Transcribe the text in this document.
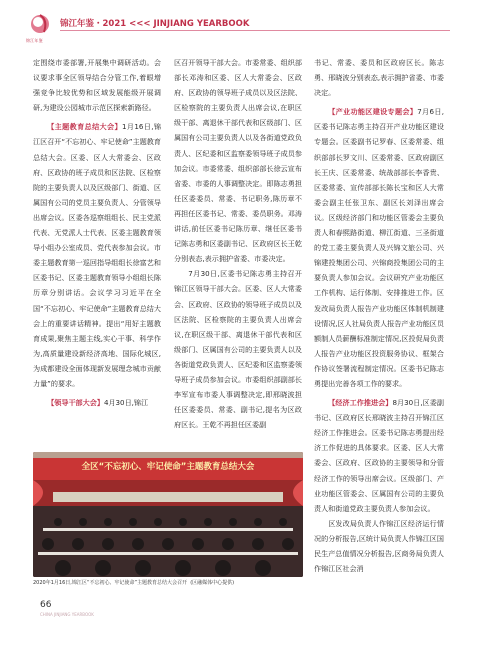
锦江年鉴
锦江年鉴・2021 <<< JINJIANG YEARBOOK

定围绕市委部署,开展集中调研活动。会议要求事全区领导结合分管工作,着眼增强竞争比较优势和区域发展能级开展调研,为建设公园城市示范区探索新路径。

【主题教育总结大会】1月16日,锦江区召开“不忘初心、牢记使命”主题教育总结大会。区委、区人大常委会、区政府、区政协的班子成员和区法院、区检察院的主要负责人以及区级部门、街道、区属国有公司的党员主要负责人、分管领导出席会议。区委各巡察组组长、民主党派代表、无党派人士代表、区委主题教育领导小组办公室成员、党代表参加会议。市委主题教育第一巡回指导组组长徐富艺和区委书记、区委主题教育领导小组组长陈历章分别讲话。会议学习习近平在全国“不忘初心、牢记使命”主题教育总结大会上的重要讲话精神。提出“用好主题教育成果,聚焦主题主线,实心干事、科学作为,高质量建设新经济高地、国际化城区,为成都建设全面体现新发展理念城市贡献力量”的要求。

【领导干部大会】4月30日,锦江

区召开领导干部大会。市委常委、组织部部长邓涛和区委、区人大常委会、区政府、区政协的领导班子成员以及区法院、区检察院的主要负责人出席会议,在职区级干部、离退休干部代表和区级部门、区属国有公司主要负责人以及各街道党政负责人、区纪委和区监察委领导班子成员参加会议。市委常委、组织部部长徐云宣布省委、市委的人事调整决定。即陈志勇担任区委委员、常委、书记职务,陈历章不再担任区委书记、常委、委员职务。邓涛讲话,前任区委书记陈历章、继任区委书记陈志勇和区委副书记、区政府区长王乾分别表态,表示拥护省委、市委决定。

7月30日,区委书记陈志勇主持召开锦江区领导干部大会。区委、区人大常委会、区政府、区政协的领导班子成员以及区法院、区检察院的主要负责人出席会议,在职区级干部、离退休干部代表和区级部门、区属国有公司的主要负责人以及各街道党政负责人、区纪委和区监察委领导班子成员参加会议。市委组织部副部长李军宣布市委人事调整决定,即邢晓波担任区委委员、常委、副书记,提名为区政府区长。王乾不再担任区委副

书记、常委、委员和区政府区长。陈志勇、邢晓波分别表态,表示拥护省委、市委决定。

【产业功能区建设专题会】7月6日,区委书记陈志勇主持召开产业功能区建设专题会。区委副书记罗春、区委常委、组织部部长罗文川、区委常委、区政府副区长王庆、区委常委、统战部部长李香贵、区委常委、宣传部部长陈长宝和区人大常委会副主任张卫东、副区长刘泽出席会议。区级经济部门和功能区管委会主要负责人和春熙路街道、柳江街道、三圣街道的党工委主要负责人及兴锦文旅公司、兴锦建投集团公司、兴锦商投集团公司的主要负责人参加会议。会议研究产业功能区工作机构、运行体制、安排推进工作。区发改局负责人报告产业功能区体制机制建设情况,区人社局负责人报告产业功能区员额制人员薪酬标准制定情况,区投促局负责人报告产业功能区投资服务协议、框架合作协议签署流程制定情况。区委书记陈志勇提出完善各项工作的要求。

【经济工作推进会】8月30日,区委副书记、区政府区长邢晓波主持召开锦江区经济工作推进会。区委书记陈志勇提出经济工作促进的具体要求。区委、区人大常委会、区政府、区政协的主要领导和分管经济工作的领导出席会议。区级部门、产业功能区管委会、区属国有公司的主要负责人和街道党政主要负责人参加会议。

区发改局负责人作锦江区经济运行情况的分析报告,区统计局负责人作锦江区国民生产总值情况分析报告,区商务局负责人作锦江区社会消

全区“不忘初心、牢记使命”主题教育总结大会
2020年1月16日,锦江区“不忘初心、牢记使命”主题教育总结大会召开 (区融媒体中心提供)
66
CHINA JINJIANG YEARBOOK
